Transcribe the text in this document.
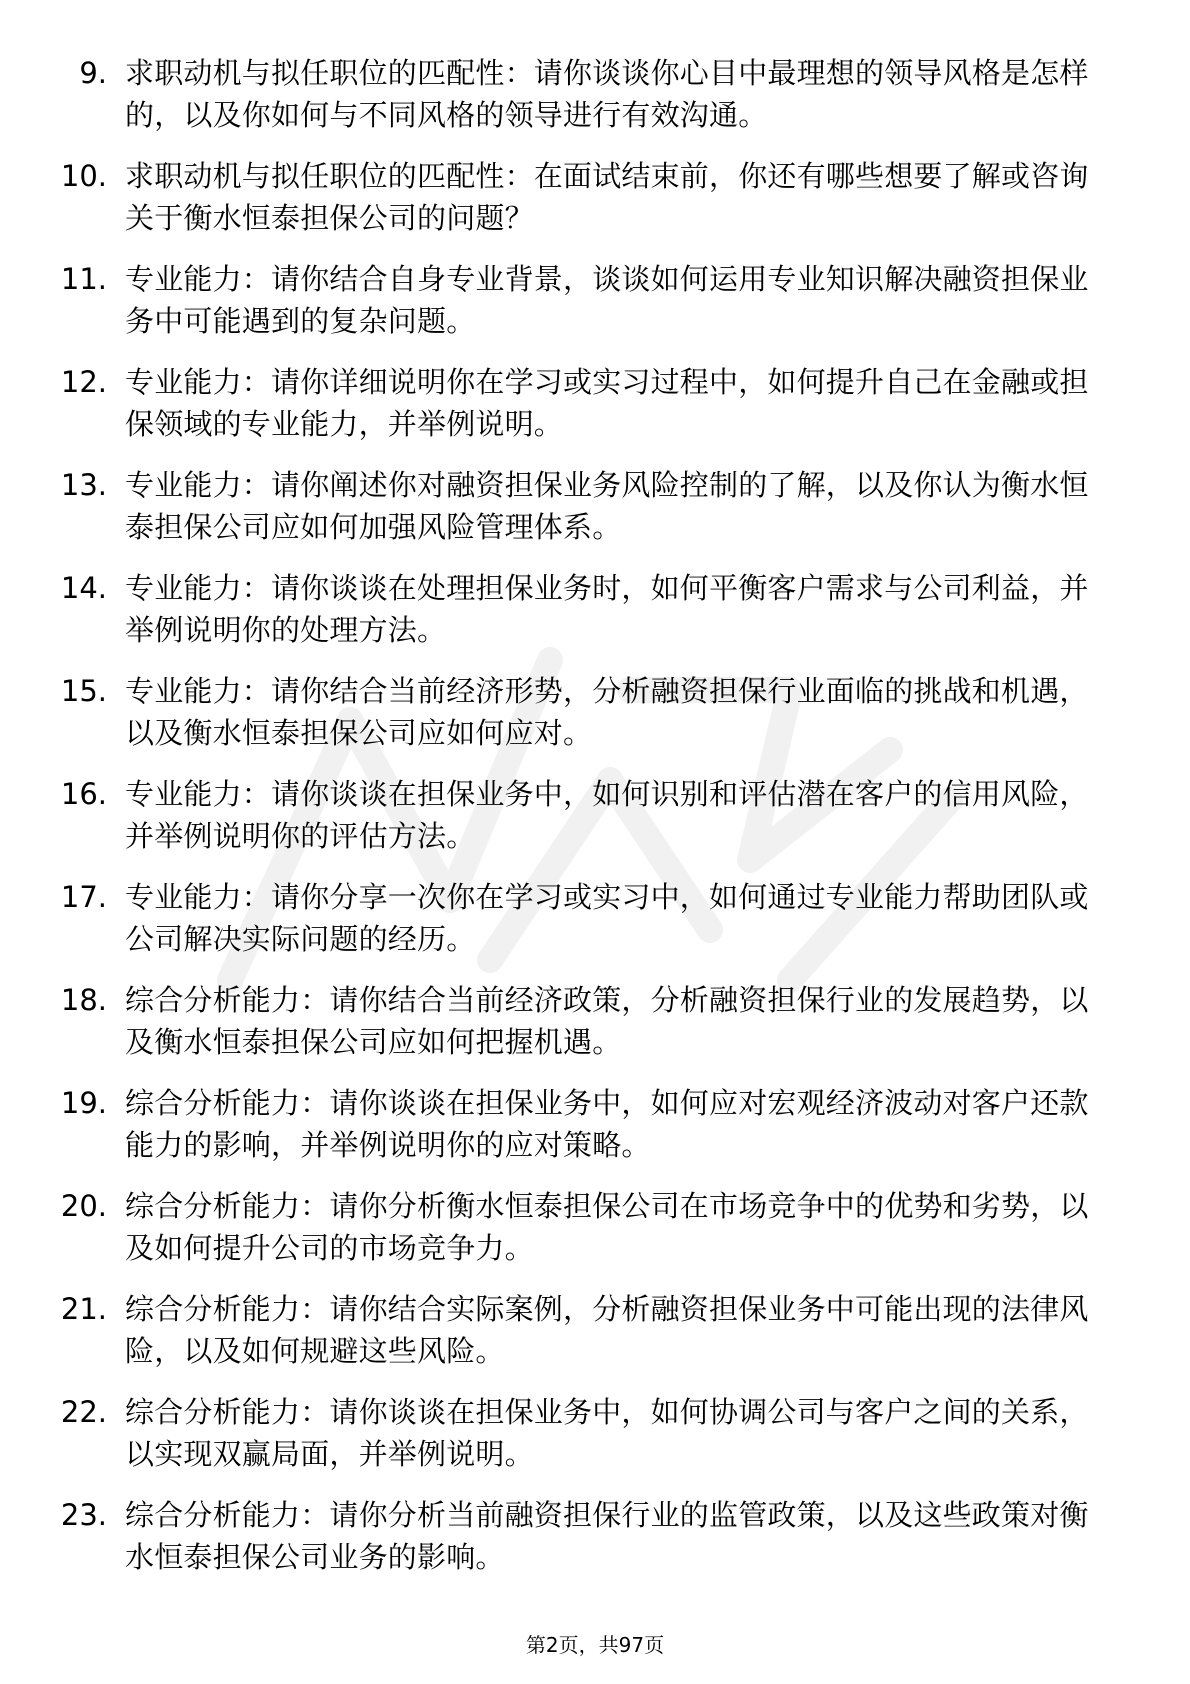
9. 求职动机与拟任职位的匹配性：请你谈谈你心目中最理想的领导风格是怎样的，以及你如何与不同风格的领导进行有效沟通。
10. 求职动机与拟任职位的匹配性：在面试结束前，你还有哪些想要了解或咨询关于衡水恒泰担保公司的问题？
11. 专业能力：请你结合自身专业背景，谈谈如何运用专业知识解决融资担保业务中可能遇到的复杂问题。
12. 专业能力：请你详细说明你在学习或实习过程中，如何提升自己在金融或担保领域的专业能力，并举例说明。
13. 专业能力：请你阐述你对融资担保业务风险控制的了解，以及你认为衡水恒泰担保公司应如何加强风险管理体系。
14. 专业能力：请你谈谈在处理担保业务时，如何平衡客户需求与公司利益，并举例说明你的处理方法。
15. 专业能力：请你结合当前经济形势，分析融资担保行业面临的挑战和机遇，以及衡水恒泰担保公司应如何应对。
16. 专业能力：请你谈谈在担保业务中，如何识别和评估潜在客户的信用风险，并举例说明你的评估方法。
17. 专业能力：请你分享一次你在学习或实习中，如何通过专业能力帮助团队或公司解决实际问题的经历。
18. 综合分析能力：请你结合当前经济政策，分析融资担保行业的发展趋势，以及衡水恒泰担保公司应如何把握机遇。
19. 综合分析能力：请你谈谈在担保业务中，如何应对宏观经济波动对客户还款能力的影响，并举例说明你的应对策略。
20. 综合分析能力：请你分析衡水恒泰担保公司在市场竞争中的优势和劣势，以及如何提升公司的市场竞争力。
21. 综合分析能力：请你结合实际案例，分析融资担保业务中可能出现的法律风险，以及如何规避这些风险。
22. 综合分析能力：请你谈谈在担保业务中，如何协调公司与客户之间的关系，以实现双赢局面，并举例说明。
23. 综合分析能力：请你分析当前融资担保行业的监管政策，以及这些政策对衡水恒泰担保公司业务的影响。
第2页，共97页
